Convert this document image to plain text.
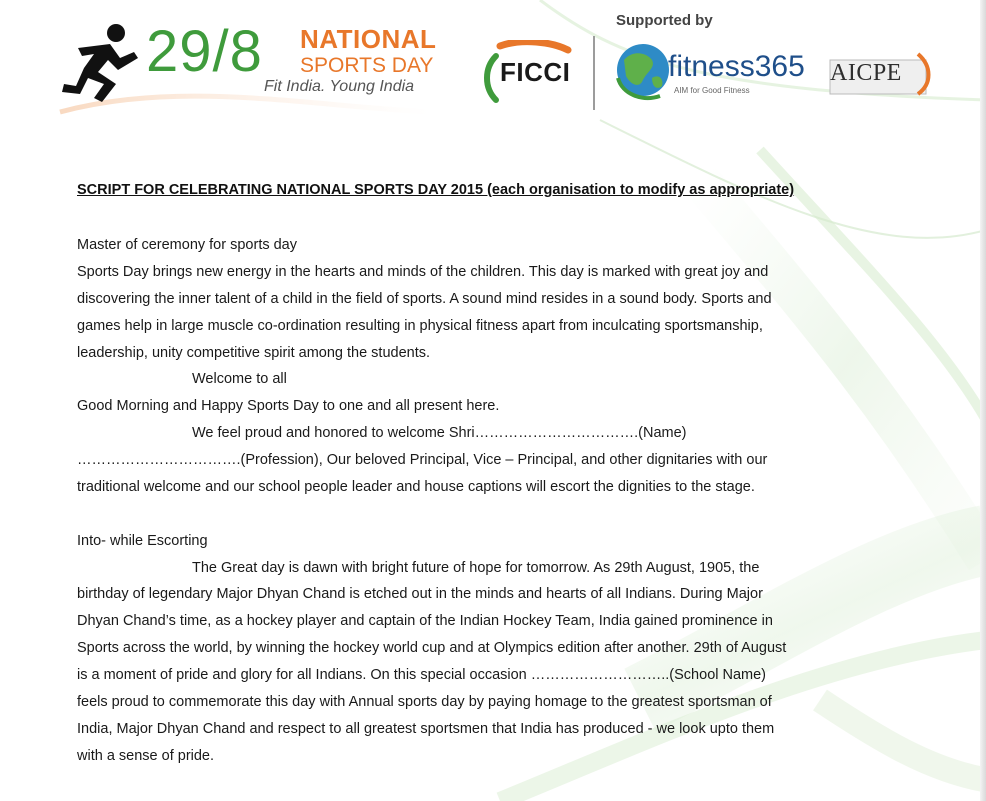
29/8 NATIONAL
SPORTS DAY
Fit India. Young India
Supported by
FICCI	fitness365
AIM for Good Fitness
AICPE
SCRIPT FOR CELEBRATING NATIONAL SPORTS DAY 2015 (each organisation to modify as appropriate)
Master of ceremony for sports day
Sports Day brings new energy in the hearts and minds of the children. This day is marked with great joy and
discovering the inner talent of a child in the field of sports. A sound mind resides in a sound body. Sports and
games help in large muscle co-ordination resulting in physical fitness apart from inculcating sportsmanship,
leadership, unity competitive spirit among the students.
Welcome to all
Good Morning and Happy Sports Day to one and all present here.
We feel proud and honored to welcome Shri…………………………….(Name)
…………………………….(Profession), Our beloved Principal, Vice – Principal, and other dignitaries with our
traditional welcome and our school people leader and house captions will escort the dignities to the stage.
Into- while Escorting
The Great day is dawn with bright future of hope for tomorrow. As 29th August, 1905, the
birthday of legendary Major Dhyan Chand is etched out in the minds and hearts of all Indians. During Major
Dhyan Chand’s time, as a hockey player and captain of the Indian Hockey Team, India gained prominence in
Sports across the world, by winning the hockey world cup and at Olympics edition after another. 29th of August
is a moment of pride and glory for all Indians. On this special occasion ………………………..(School Name)
feels proud to commemorate this day with Annual sports day by paying homage to the greatest sportsman of
India, Major Dhyan Chand and respect to all greatest sportsmen that India has produced - we look upto them
with a sense of pride.
